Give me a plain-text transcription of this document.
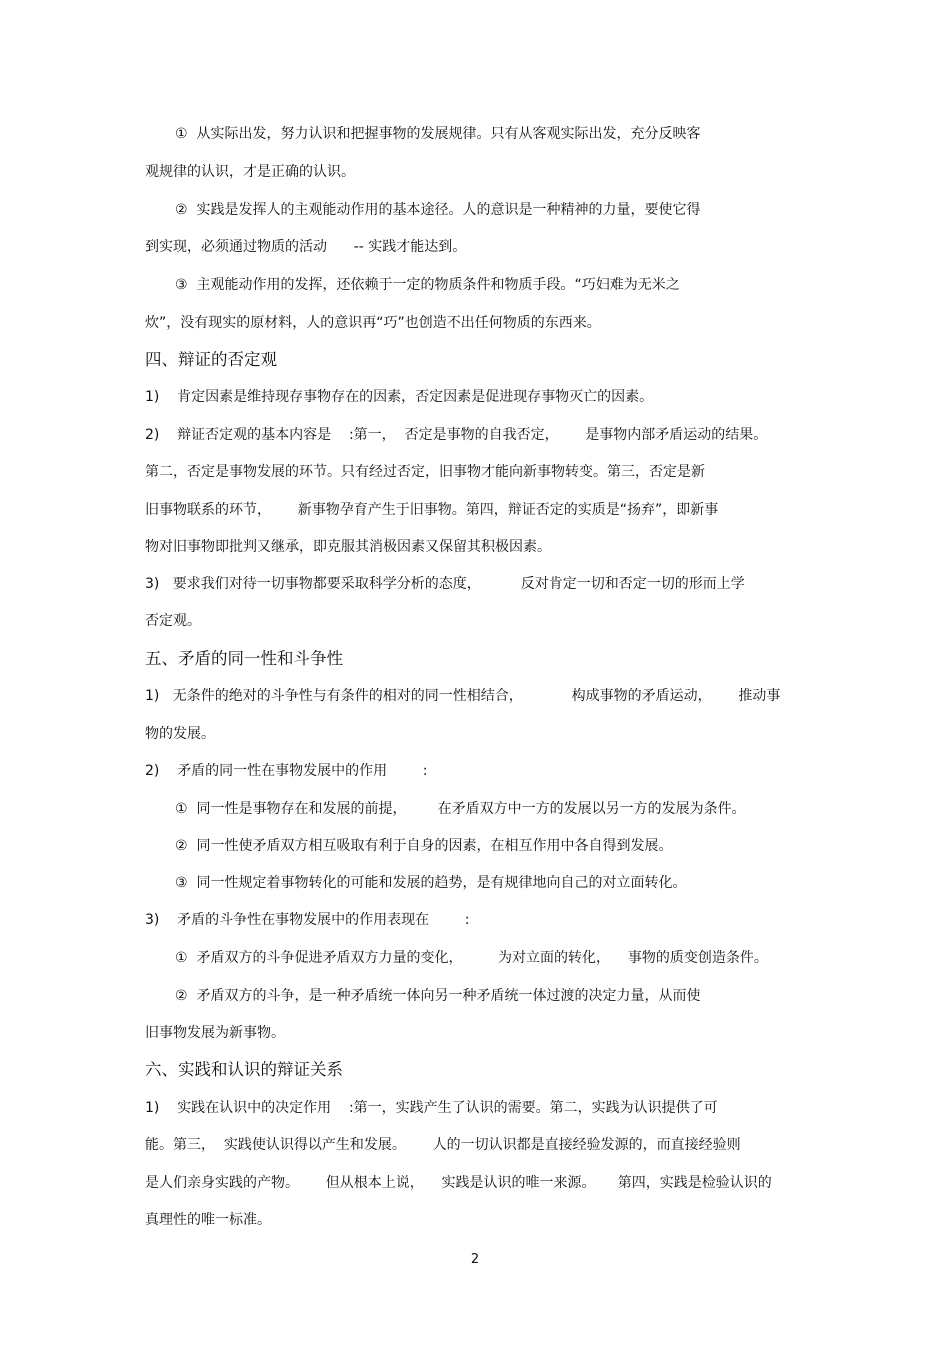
①  从实际出发，努力认识和把握事物的发展规律。只有从客观实际出发，充分反映客
观规律的认识，才是正确的认识。
②  实践是发挥人的主观能动作用的基本途径。人的意识是一种精神的力量，要使它得
到实现，必须通过物质的活动      -- 实践才能达到。
③  主观能动作用的发挥，还依赖于一定的物质条件和物质手段。“巧妇难为无米之
炊”，没有现实的原材料，人的意识再“巧”也创造不出任何物质的东西来。
四、辩证的否定观
1)    肯定因素是维持现存事物存在的因素，否定因素是促进现存事物灭亡的因素。
2)    辩证否定观的基本内容是    :第一，  否定是事物的自我否定，      是事物内部矛盾运动的结果。
第二，否定是事物发展的环节。只有经过否定，旧事物才能向新事物转变。第三，否定是新
旧事物联系的环节，      新事物孕育产生于旧事物。第四，辩证否定的实质是“扬弃”，即新事
物对旧事物即批判又继承，即克服其消极因素又保留其积极因素。
3)   要求我们对待一切事物都要采取科学分析的态度，         反对肯定一切和否定一切的形而上学
否定观。
五、矛盾的同一性和斗争性
1)   无条件的绝对的斗争性与有条件的相对的同一性相结合，           构成事物的矛盾运动，      推动事
物的发展。
2)    矛盾的同一性在事物发展中的作用        :
①  同一性是事物存在和发展的前提，       在矛盾双方中一方的发展以另一方的发展为条件。
②  同一性使矛盾双方相互吸取有利于自身的因素，在相互作用中各自得到发展。
③  同一性规定着事物转化的可能和发展的趋势，是有规律地向自己的对立面转化。
3)    矛盾的斗争性在事物发展中的作用表现在        :
①  矛盾双方的斗争促进矛盾双方力量的变化，        为对立面的转化，    事物的质变创造条件。
②  矛盾双方的斗争，是一种矛盾统一体向另一种矛盾统一体过渡的决定力量，从而使
旧事物发展为新事物。
六、实践和认识的辩证关系
1)    实践在认识中的决定作用    :第一，实践产生了认识的需要。第二，实践为认识提供了可
能。第三，  实践使认识得以产生和发展。      人的一切认识都是直接经验发源的，而直接经验则
是人们亲身实践的产物。      但从根本上说，    实践是认识的唯一来源。     第四，实践是检验认识的
真理性的唯一标准。
2
